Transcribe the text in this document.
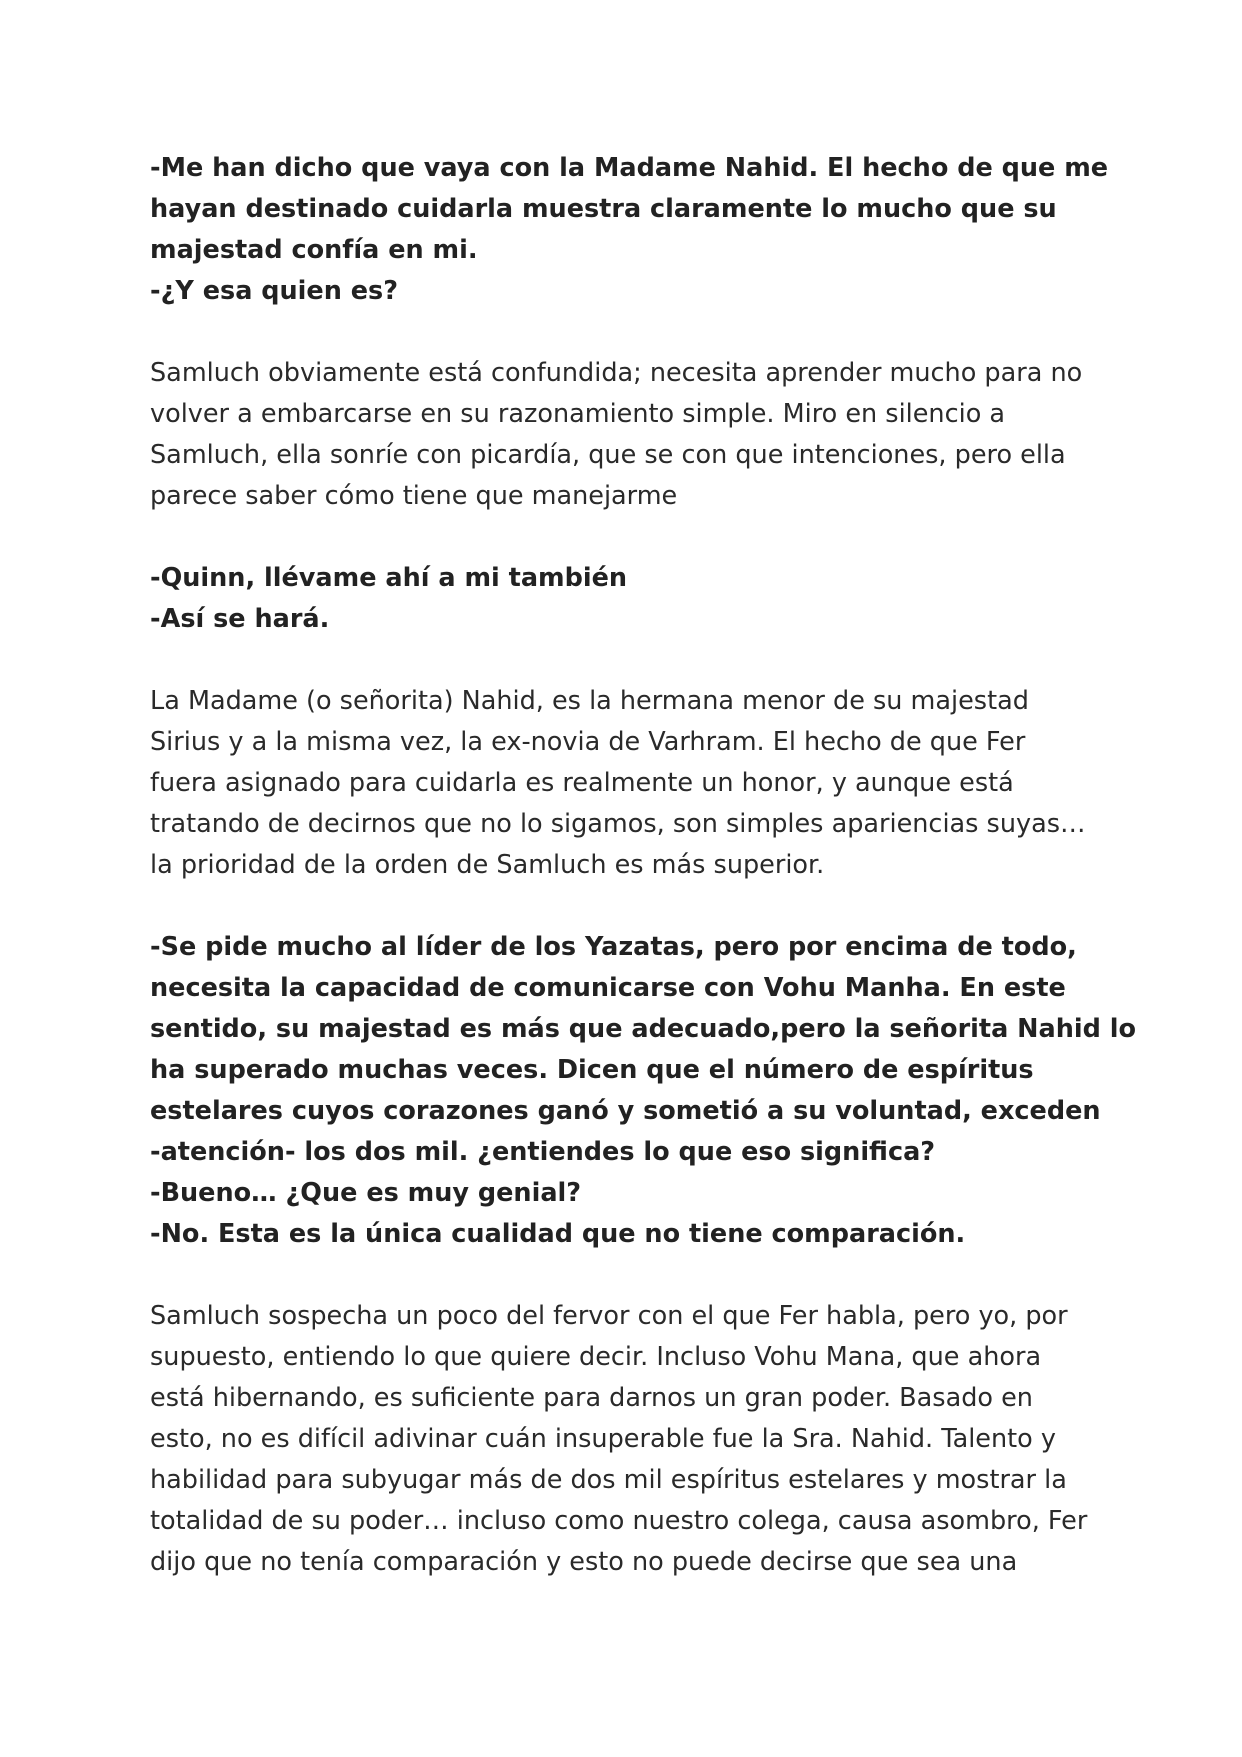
-Me han dicho que vaya con la Madame Nahid. El hecho de que me
hayan destinado cuidarla muestra claramente lo mucho que su
majestad confía en mi.
-¿Y esa quien es?
Samluch obviamente está confundida; necesita aprender mucho para no
volver a embarcarse en su razonamiento simple. Miro en silencio a
Samluch, ella sonríe con picardía, que se con que intenciones, pero ella
parece saber cómo tiene que manejarme
-Quinn, llévame ahí a mi también
-Así se hará.
La Madame (o señorita) Nahid, es la hermana menor de su majestad
Sirius y a la misma vez, la ex-novia de Varhram. El hecho de que Fer
fuera asignado para cuidarla es realmente un honor, y aunque está
tratando de decirnos que no lo sigamos, son simples apariencias suyas…
la prioridad de la orden de Samluch es más superior.
-Se pide mucho al líder de los Yazatas, pero por encima de todo,
necesita la capacidad de comunicarse con Vohu Manha. En este
sentido, su majestad es más que adecuado,pero la señorita Nahid lo
ha superado muchas veces. Dicen que el número de espíritus
estelares cuyos corazones ganó y sometió a su voluntad, exceden
-atención- los dos mil. ¿entiendes lo que eso significa?
-Bueno… ¿Que es muy genial?
-No. Esta es la única cualidad que no tiene comparación.
Samluch sospecha un poco del fervor con el que Fer habla, pero yo, por
supuesto, entiendo lo que quiere decir. Incluso Vohu Mana, que ahora
está hibernando, es suficiente para darnos un gran poder. Basado en
esto, no es difícil adivinar cuán insuperable fue la Sra. Nahid. Talento y
habilidad para subyugar más de dos mil espíritus estelares y mostrar la
totalidad de su poder… incluso como nuestro colega, causa asombro, Fer
dijo que no tenía comparación y esto no puede decirse que sea una
